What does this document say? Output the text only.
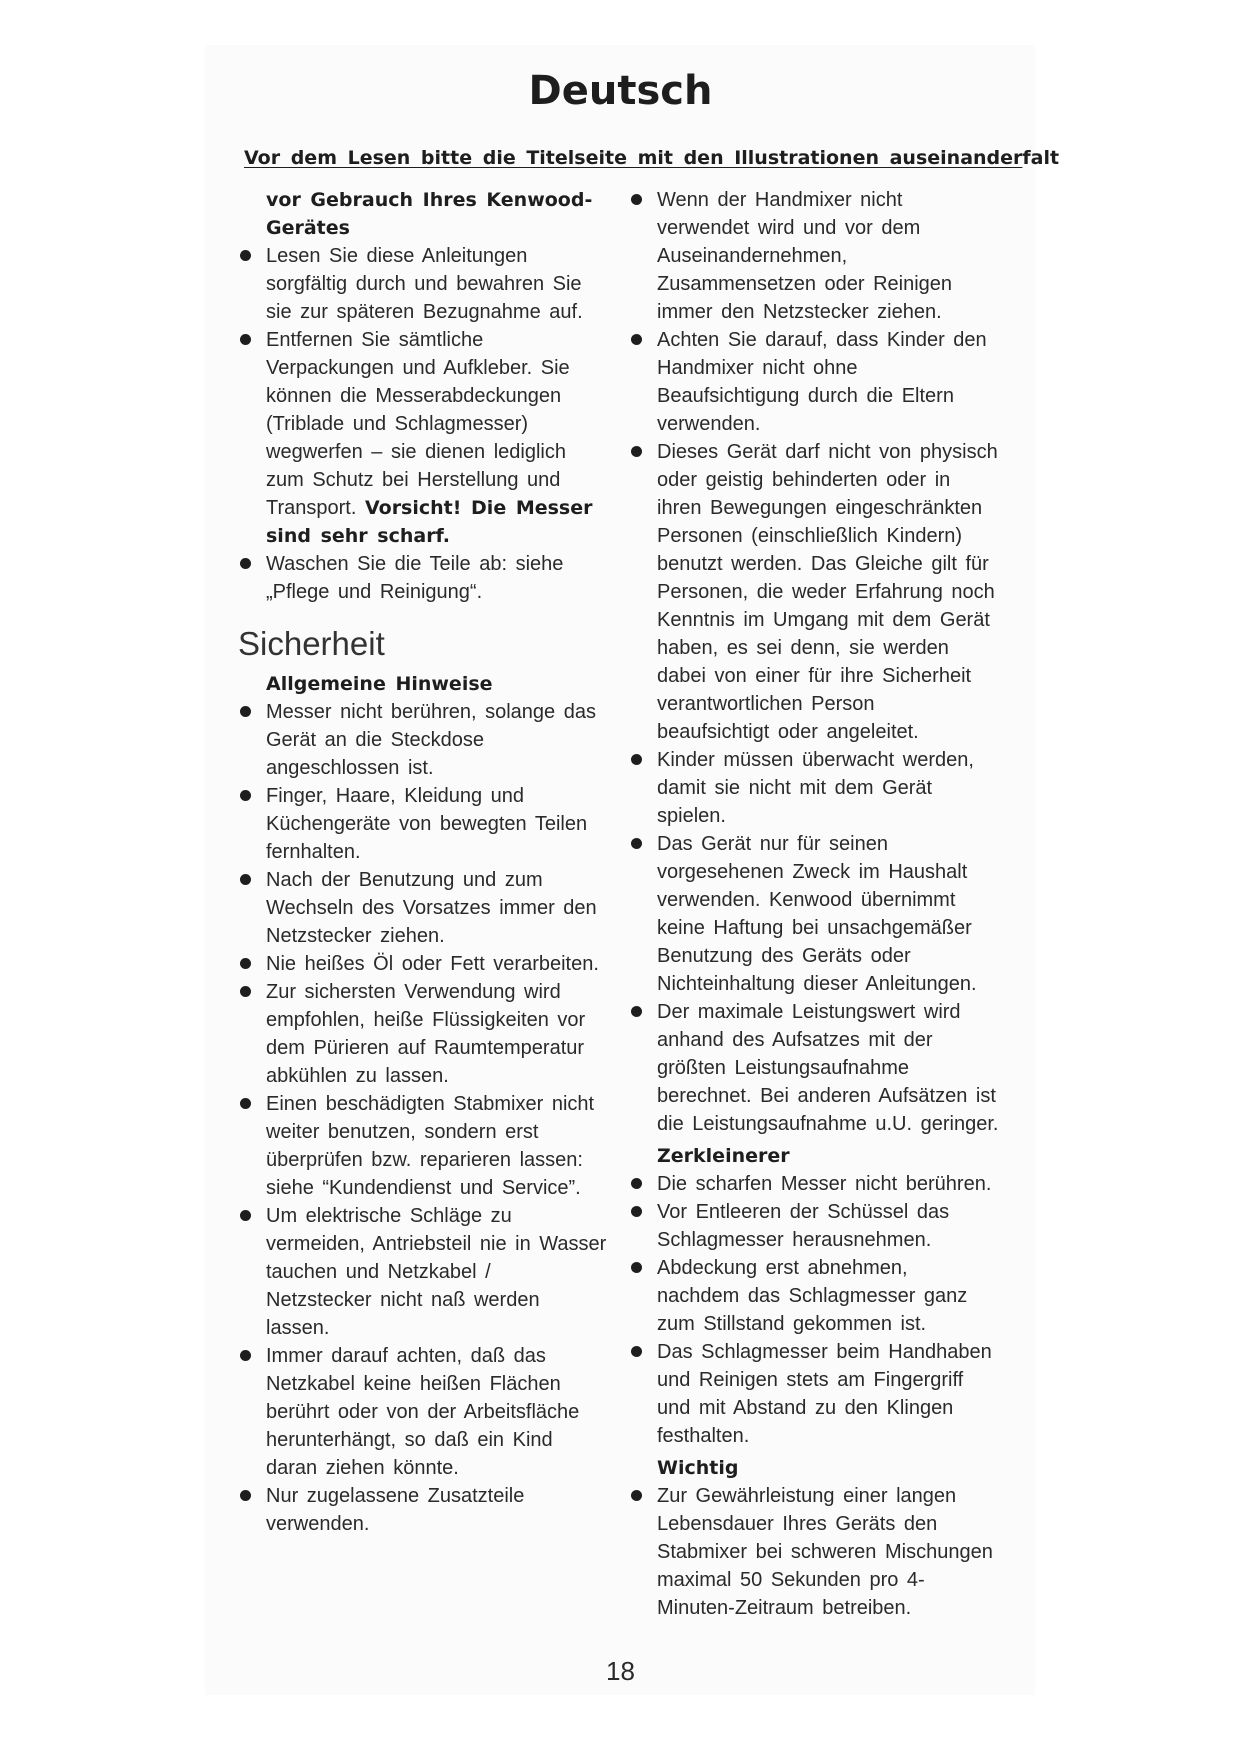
Deutsch
Vor dem Lesen bitte die Titelseite mit den Illustrationen auseinanderfalt
vor Gebrauch Ihres Kenwood-
Gerätes
Lesen Sie diese Anleitungen
sorgfältig durch und bewahren Sie
sie zur späteren Bezugnahme auf.
Entfernen Sie sämtliche
Verpackungen und Aufkleber. Sie
können die Messerabdeckungen
(Triblade und Schlagmesser)
wegwerfen – sie dienen lediglich
zum Schutz bei Herstellung und
Transport. Vorsicht! Die Messer
sind sehr scharf.
Waschen Sie die Teile ab: siehe
„Pflege und Reinigung“.
Sicherheit
Allgemeine Hinweise
Messer nicht berühren, solange das
Gerät an die Steckdose
angeschlossen ist.
Finger, Haare, Kleidung und
Küchengeräte von bewegten Teilen
fernhalten.
Nach der Benutzung und zum
Wechseln des Vorsatzes immer den
Netzstecker ziehen.
Nie heißes Öl oder Fett verarbeiten.
Zur sichersten Verwendung wird
empfohlen, heiße Flüssigkeiten vor
dem Pürieren auf Raumtemperatur
abkühlen zu lassen.
Einen beschädigten Stabmixer nicht
weiter benutzen, sondern erst
überprüfen bzw. reparieren lassen:
siehe “Kundendienst und Service”.
Um elektrische Schläge zu
vermeiden, Antriebsteil nie in Wasser
tauchen und Netzkabel /
Netzstecker nicht naß werden
lassen.
Immer darauf achten, daß das
Netzkabel keine heißen Flächen
berührt oder von der Arbeitsfläche
herunterhängt, so daß ein Kind
daran ziehen könnte.
Nur zugelassene Zusatzteile
verwenden.
Wenn der Handmixer nicht
verwendet wird und vor dem
Auseinandernehmen,
Zusammensetzen oder Reinigen
immer den Netzstecker ziehen.
Achten Sie darauf, dass Kinder den
Handmixer nicht ohne
Beaufsichtigung durch die Eltern
verwenden.
Dieses Gerät darf nicht von physisch
oder geistig behinderten oder in
ihren Bewegungen eingeschränkten
Personen (einschließlich Kindern)
benutzt werden. Das Gleiche gilt für
Personen, die weder Erfahrung noch
Kenntnis im Umgang mit dem Gerät
haben, es sei denn, sie werden
dabei von einer für ihre Sicherheit
verantwortlichen Person
beaufsichtigt oder angeleitet.
Kinder müssen überwacht werden,
damit sie nicht mit dem Gerät
spielen.
Das Gerät nur für seinen
vorgesehenen Zweck im Haushalt
verwenden. Kenwood übernimmt
keine Haftung bei unsachgemäßer
Benutzung des Geräts oder
Nichteinhaltung dieser Anleitungen.
Der maximale Leistungswert wird
anhand des Aufsatzes mit der
größten Leistungsaufnahme
berechnet. Bei anderen Aufsätzen ist
die Leistungsaufnahme u.U. geringer.
Zerkleinerer
Die scharfen Messer nicht berühren.
Vor Entleeren der Schüssel das
Schlagmesser herausnehmen.
Abdeckung erst abnehmen,
nachdem das Schlagmesser ganz
zum Stillstand gekommen ist.
Das Schlagmesser beim Handhaben
und Reinigen stets am Fingergriff
und mit Abstand zu den Klingen
festhalten.
Wichtig
Zur Gewährleistung einer langen
Lebensdauer Ihres Geräts den
Stabmixer bei schweren Mischungen
maximal 50 Sekunden pro 4-
Minuten-Zeitraum betreiben.
18
